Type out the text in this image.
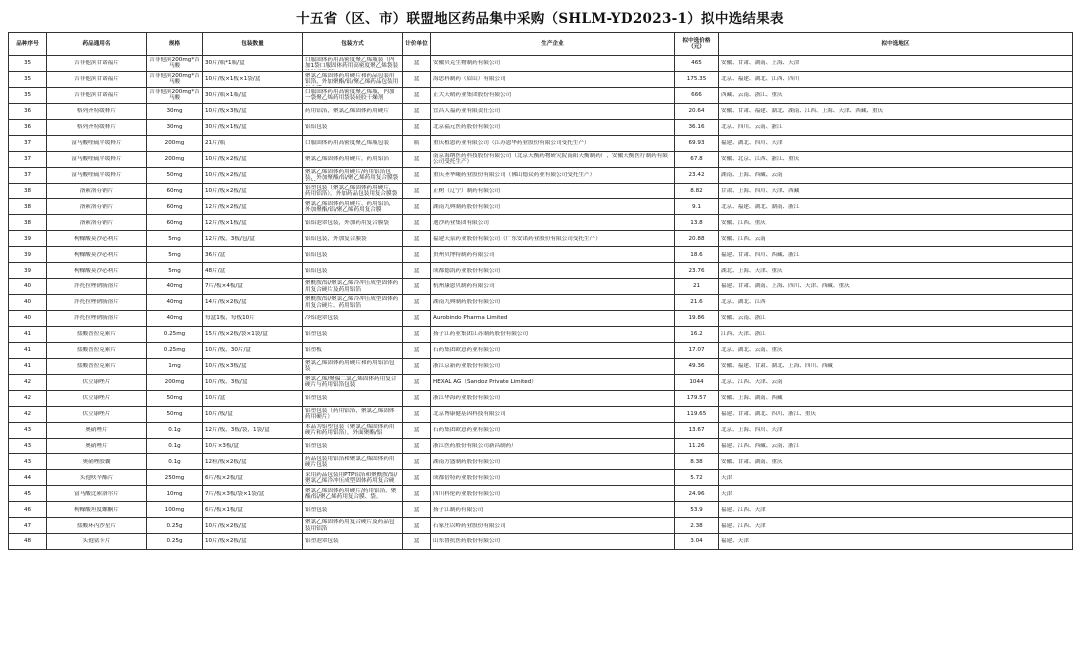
十五省（区、市）联盟地区药品集中采购（SHLM-YD2023-1）拟中选结果表
品种序号	药品通用名	规格	包装数量	包装方式	计价单位	生产企业	拟中选价格（元）	拟中选地区

35	吉非他滨甘诺福片	吉非他滨200mg*吉马酸	30片/瓶*1瓶/盒	口服固体药用高密度聚乙烯瓶装（内加1袋口服固体药用高密度聚乙烯袋装	盒	安徽贝克生物制药有限公司	465	安徽、甘肃、湖南、上海、天津

35	吉非他滨甘诺福片	吉非他滨200mg*吉马酸	10片/板×1板×1袋/盒	聚氯乙烯固体药用硬片和药品包装用铝箔，外加聚酯/铝/聚乙烯药品包装用	盒	海思科制药（眉山）有限公司	175.35	北京、福建、湖北、江西、四川

35	吉非他滨甘诺福片	吉非他滨200mg*吉马酸	30片/瓶×1瓶/盒	口服固体药用高密度聚乙烯瓶，内加一袋聚乙烯药用袋装硅胶干燥剂	盒	正大天晴药业集团股份有限公司	666	西藏、云南、浙江、重庆

36	格列齐特缓释片	30mg	10片/板×3板/盒	药用铝箔，聚氯乙烯固体药用硬片	盒	宜昌人福药业有限责任公司	20.64	安徽、甘肃、福建、湖北、湖南、江西、上海、天津、西藏、重庆

36	格列齐特缓释片	30mg	30片/板×1板/盒	铝铝包装	盒	北京福元医药股份有限公司	36.16	北京、四川、云南、浙江

37	富马酸喹硫平缓释片	200mg	21片/瓶	口服固体药用高密度聚乙烯瓶包装	瓶	重庆植恩药业有限公司（江苏恩华药业股份有限公司受托生产）	69.93	福建、湖北、四川、天津

37	富马酸喹硫平缓释片	200mg	10片/板×2板/盒	聚氯乙烯固体药用硬片，药用铝箔	盒	南京海纳医药科技股份有限公司（北京天衡药物研究院南阳天衡制药厂，安徽天衡医疗制药有限公司受托生产）	67.8	安徽、北京、江西、浙江、重庆

37	富马酸喹硫平缓释片	50mg	10片/板×2板/盒	聚氯乙烯固体药用硬片/药用铝箔包装，外加聚酯/铝/聚乙烯药用复合膜袋	盒	重庆圣华曦药业股份有限公司（佛山德众药业有限公司受托生产）	23.42	湖南、上海、西藏、云南

38	洛索洛芬钠片	60mg	10片/板×2板/盒	铝塑包装（聚氯乙烯固体药用硬片，药用铝箔），外加药品包装用复合膜袋	盒	正树（辽宁）制药有限公司	8.82	甘肃、上海、四川、天津、西藏

38	洛索洛芬钠片	60mg	12片/板×2板/盒	聚氯乙烯固体药用硬片、药用铝箔，外加聚酯/铝/聚乙烯药用复合膜	盒	湖南九典制药股份有限公司	9.1	北京、福建、湖北、湖南、浙江

38	洛索洛芬钠片	60mg	12片/板×1板/盒	铝铝泡罩包装，外加药用复合膜袋	盒	迪沙药业集团有限公司	13.8	安徽、江西、重庆

39	枸橼酸莫沙必利片	5mg	12片/板，3板/包/盒	铝铝包装，外加复合膜袋	盒	福建天泉药业股份有限公司（广东安诺药业股份有限公司受托生产）	20.88	安徽、江西、云南

39	枸橼酸莫沙必利片	5mg	36片/盒	铝铝包装	盒	贵州贝博特制药有限公司	18.6	福建、甘肃、四川、西藏、浙江

39	枸橼酸莫沙必利片	5mg	48片/盒	铝铝包装	盒	成都德凯药业股份有限公司	23.76	湖北、上海、天津、重庆

40	泮托拉唑钠肠溶片	40mg	7片/板×4板/盒	聚酰胺/铝/聚氯乙烯冷冲压成型固体药用复合硬片及药用铝箔	盒	杭州康恩贝制药有限公司	21	福建、甘肃、湖南、上海、四川、天津、西藏、重庆

40	泮托拉唑钠肠溶片	40mg	14片/板×2板/盒	聚酰胺/铝/聚氯乙烯冷冲压成型固体药用复合硬片、药用铝箔	盒	湖南九典制药股份有限公司	21.6	北京、湖北、江西

40	泮托拉唑钠肠溶片	40mg	每盒1板，每板10片	冷铝泡罩包装	盒	Aurobindo Pharma Limited	19.86	安徽、云南、浙江

41	盐酸普拉克索片	0.25mg	15片/板×2板/袋×1袋/盒	铝塑包装	盒	扬子江药业集团江苏制药股份有限公司	16.2	江西、天津、浙江

41	盐酸普拉克索片	0.25mg	10片/板，30片/盒	铝塑板	盒	石药集团欧意药业有限公司	17.07	北京、湖北、云南、重庆

41	盐酸普拉克索片	1mg	10片/板×3板/盒	聚氯乙烯固体药用硬片和药用铝箔包装	盒	浙江京新药业股份有限公司	49.36	安徽、福建、甘肃、湖北、上海、四川、西藏

42	伏立康唑片	200mg	10片/板，3板/盒	聚氯乙烯/聚偏二氯乙烯固体药用复合硬片与药用铝箔包装	盒	HEXAL AG（Sandoz Private Limited）	1044	北京、江西、天津、云南

42	伏立康唑片	50mg	10片/盒	铝塑包装	盒	浙江华海药业股份有限公司	179.57	安徽、上海、湖南、西藏

42	伏立康唑片	50mg	10片/板/盒	铝塑包装（药用铝箔，聚氯乙烯固体药用硬片）	盒	北京博康健基因科技有限公司	119.65	福建、甘肃、湖北、四川、浙江、重庆

43	奥硝唑片	0.1g	12片/板，3板/袋，1袋/盒	本品为铝塑包装（聚氯乙烯固体药用硬片和药用铝箔），外面聚酯/铝	盒	石药集团欧意药业有限公司	13.67	北京、上海、四川、天津

43	奥硝唑片	0.1g	10片×3板/盒	铝塑包装	盒	浙江医药股份有限公司新昌制药厂	11.26	福建、江西、西藏、云南、浙江

43	奥硝唑胶囊	0.1g	12粒/板×2板/盒	药品包装用铝箔和聚氯乙烯固体药用硬片包装	盒	湖南方盛制药股份有限公司	8.38	安徽、甘肃、湖南、重庆

44	头孢呋辛酯片	250mg	6片/板×2板/盒	采用药品包装用PTP铝箔和聚酰胺/铝/聚氯乙烯冷冲压成型固体药用复合硬	盒	成都倍特药业股份有限公司	5.72	天津

45	富马酸比索洛尔片	10mg	7片/板×3板/袋×1袋/盒	聚氯乙烯固体药用硬片/药用铝箔，聚酯/铝/聚乙烯药用复合膜、袋。	盒	四川科伦药业股份有限公司	24.96	天津

46	枸橼酸坦度螺酮片	100mg	6片/板×1板/盒	铝塑包装	盒	扬子江制药有限公司	53.9	福建、江西、天津

47	盐酸环丙沙星片	0.25g	10片/板×2板/盒	聚氯乙烯固体药用复合硬片及药品包装用铝箔	盒	石家庄以岭药业股份有限公司	2.38	福建、江西、天津

48	头孢氨苄片	0.25g	10片/板×2板/盒	铝塑泡罩包装	盒	山东鲁抗医药股份有限公司	3.04	福建、天津
